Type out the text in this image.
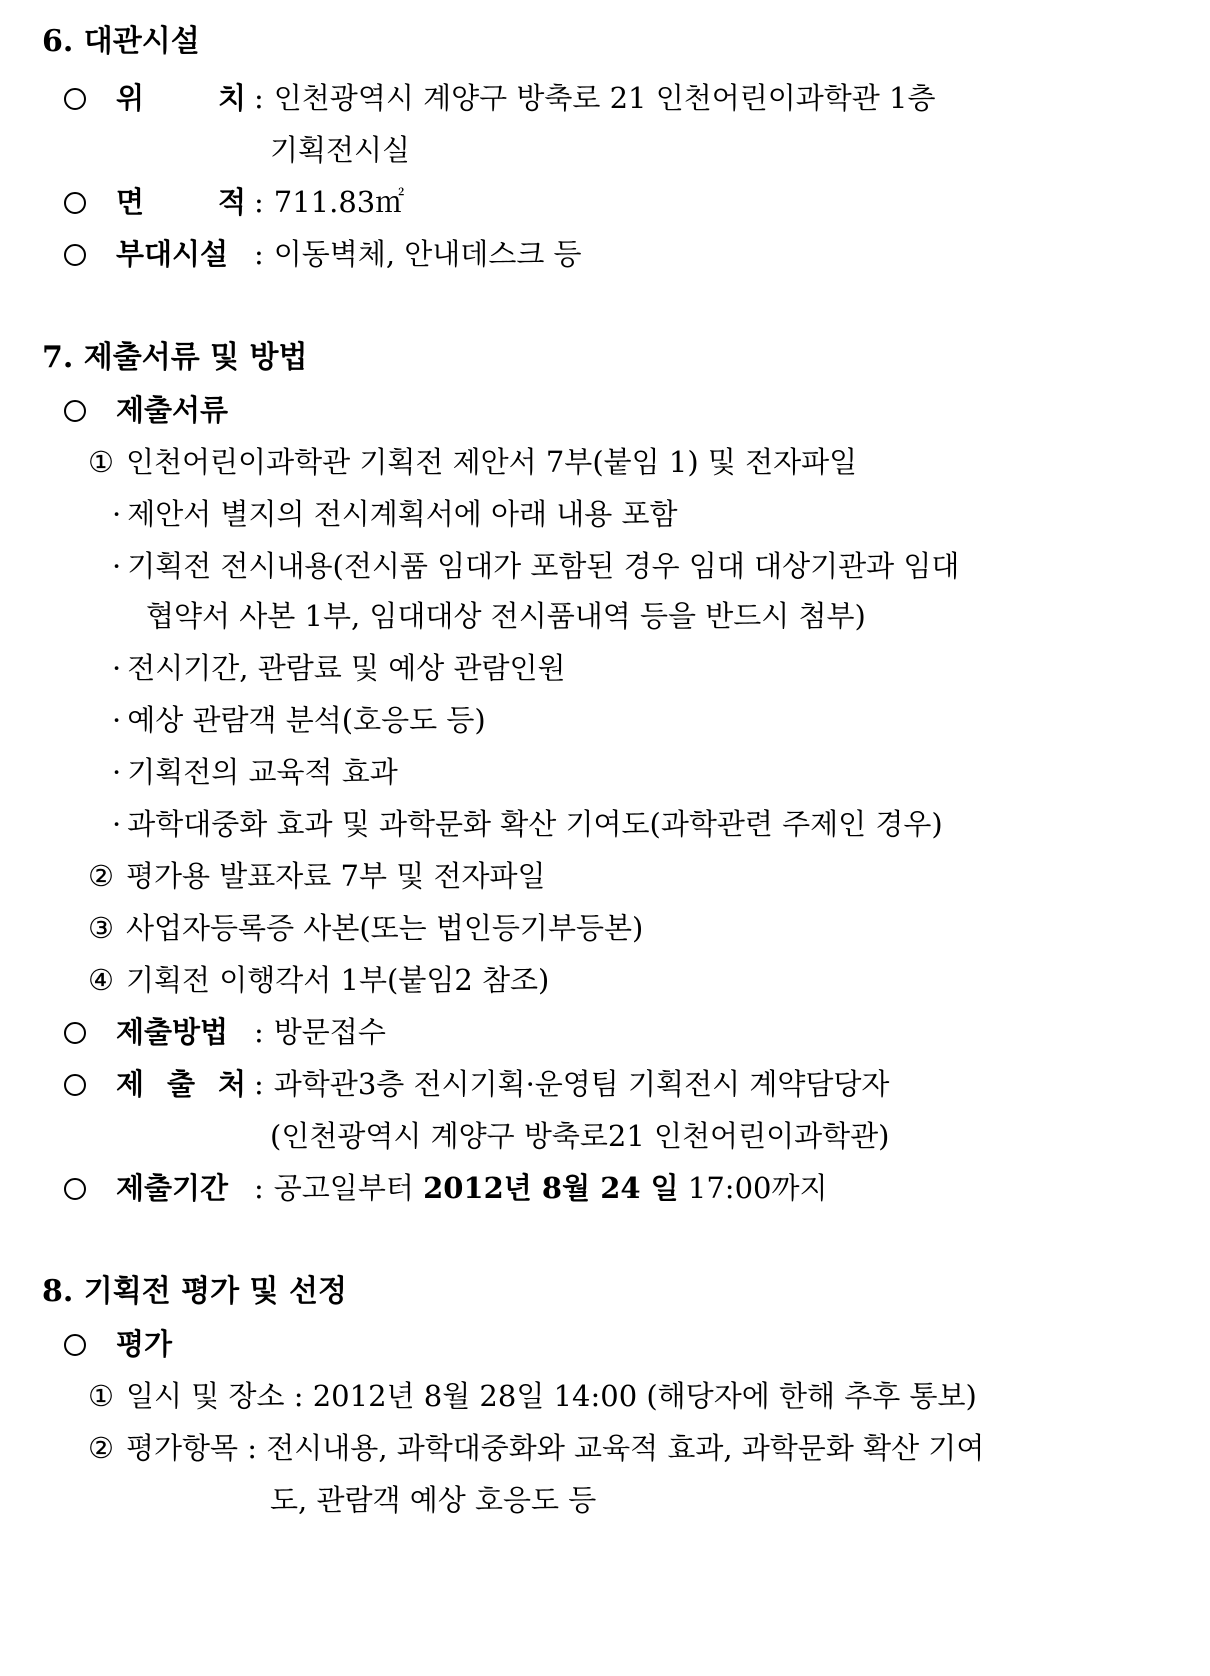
6. 대관시설
위	치 : 인천광역시 계양구 방축로 21 인천어린이과학관 1층
기획전시실
면	적 : 711.83㎡
부대시설 : 이동벽체, 안내데스크 등
7. 제출서류 및 방법
제출서류
① 인천어린이과학관 기획전 제안서 7부(붙임 1) 및 전자파일
· 제안서 별지의 전시계획서에 아래 내용 포함
· 기획전 전시내용(전시품 임대가 포함된 경우 임대 대상기관과 임대
협약서 사본 1부, 임대대상 전시품내역 등을 반드시 첨부)
· 전시기간, 관람료 및 예상 관람인원
· 예상 관람객 분석(호응도 등)
· 기획전의 교육적 효과
· 과학대중화 효과 및 과학문화 확산 기여도(과학관련 주제인 경우)
② 평가용 발표자료 7부 및 전자파일
③ 사업자등록증 사본(또는 법인등기부등본)
④ 기획전 이행각서 1부(붙임2 참조)
제출방법 : 방문접수
제 출 처 : 과학관3층 전시기획·운영팀 기획전시 계약담당자
(인천광역시 계양구 방축로21 인천어린이과학관)
제출기간 : 공고일부터 2012년 8월 24 일 17:00까지
8. 기획전 평가 및 선정
평가
① 일시 및 장소 : 2012년 8월 28일 14:00 (해당자에 한해 추후 통보)
② 평가항목 : 전시내용, 과학대중화와 교육적 효과, 과학문화 확산 기여
도, 관람객 예상 호응도 등
